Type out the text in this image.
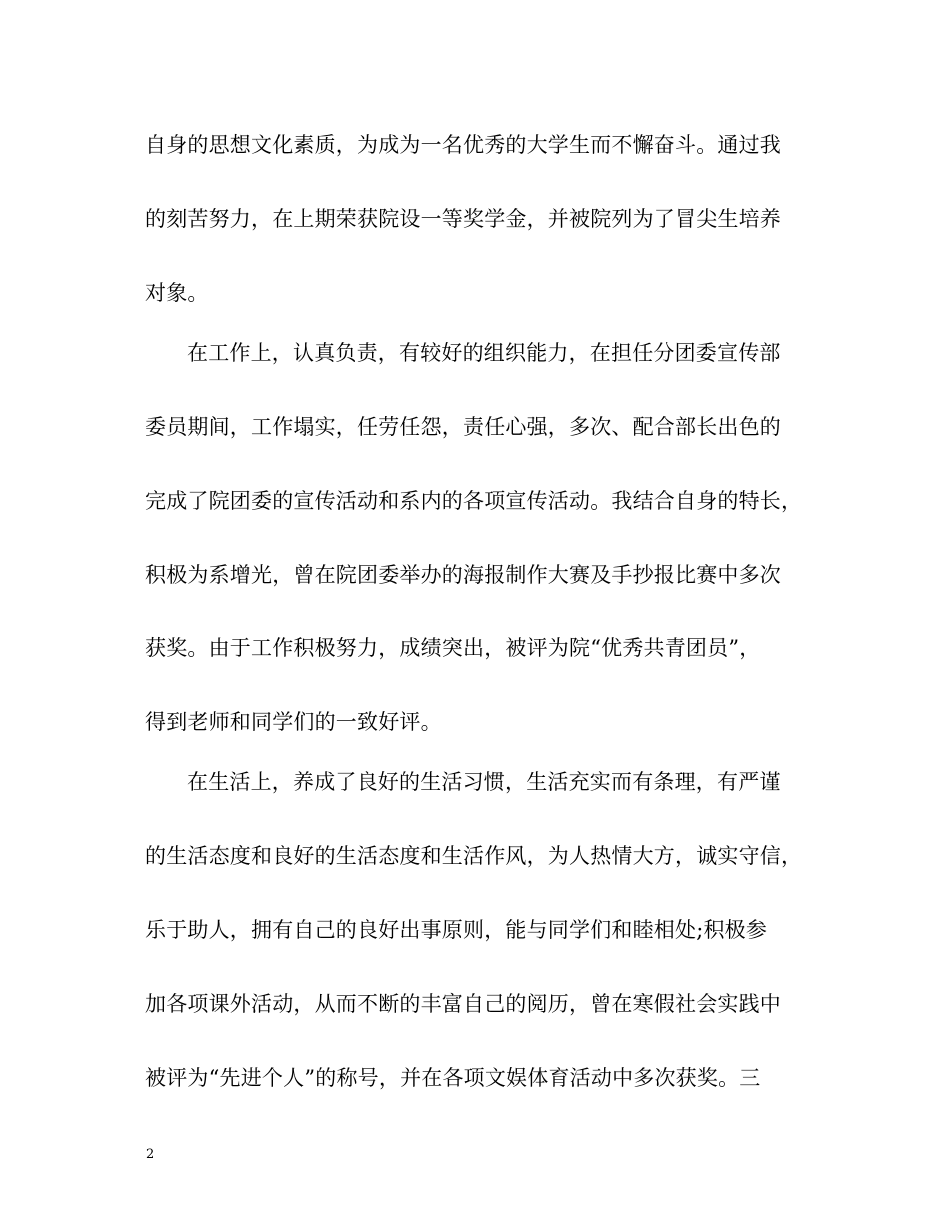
自身的思想文化素质，为成为一名优秀的大学生而不懈奋斗。通过我
的刻苦努力，在上期荣获院设一等奖学金，并被院列为了冒尖生培养
对象。
在工作上，认真负责，有较好的组织能力，在担任分团委宣传部
委员期间，工作塌实，任劳任怨，责任心强，多次、配合部长出色的
完成了院团委的宣传活动和系内的各项宣传活动。我结合自身的特长，
积极为系增光，曾在院团委举办的海报制作大赛及手抄报比赛中多次
获奖。由于工作积极努力，成绩突出，被评为院“优秀共青团员”，
得到老师和同学们的一致好评。
在生活上，养成了良好的生活习惯，生活充实而有条理，有严谨
的生活态度和良好的生活态度和生活作风，为人热情大方，诚实守信，
乐于助人，拥有自己的良好出事原则，能与同学们和睦相处;积极参
加各项课外活动，从而不断的丰富自己的阅历，曾在寒假社会实践中
被评为“先进个人”的称号，并在各项文娱体育活动中多次获奖。三
2
